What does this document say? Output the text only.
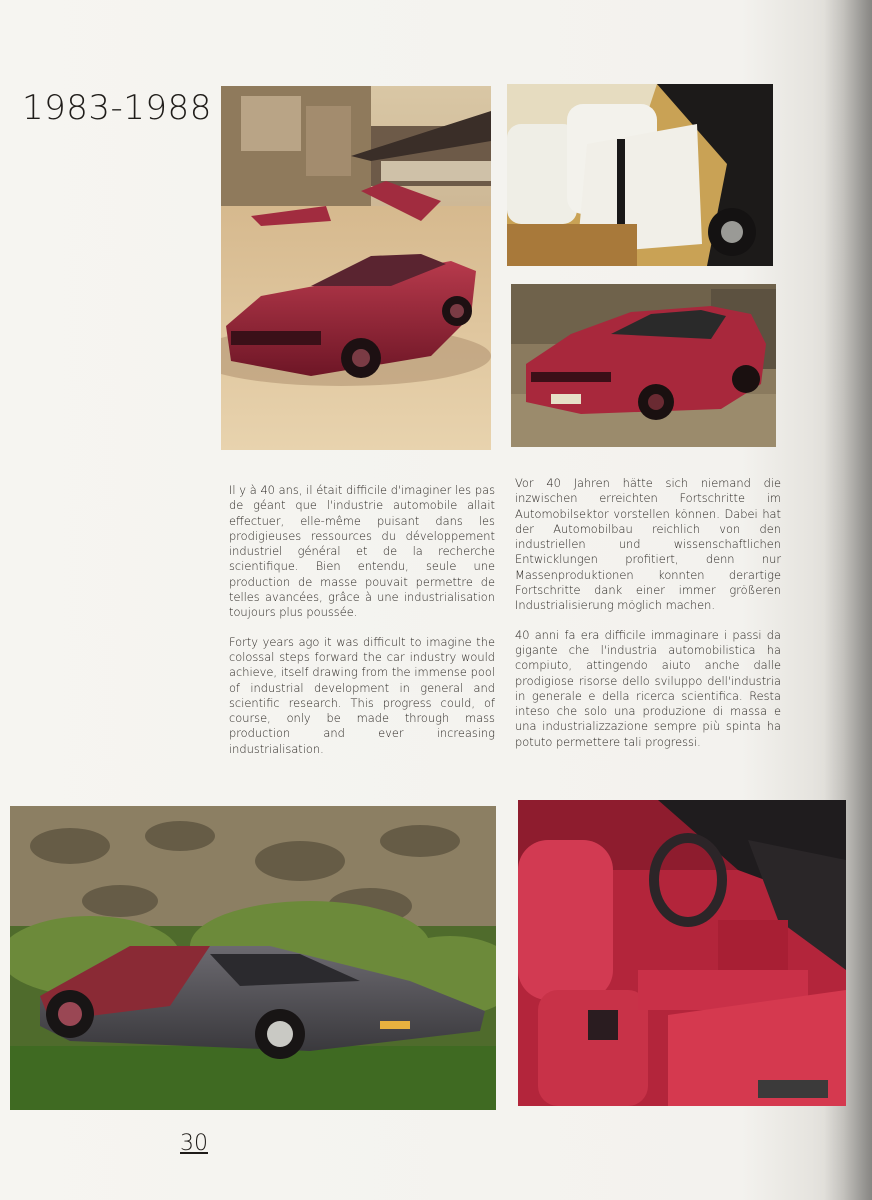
1983-1988

Il y à 40 ans, il était difficile d'imaginer les pas de géant que l'industrie automobile allait effectuer, elle-même puisant dans les prodigieuses ressources du développement industriel général et de la recherche scientifique. Bien entendu, seule une production de masse pouvait permettre de telles avancées, grâce à une industrialisation toujours plus poussée.

Forty years ago it was difficult to imagine the colossal steps forward the car industry would achieve, itself drawing from the immense pool of industrial development in general and scientific research. This progress could, of course, only be made through mass production and ever increasing industrialisation.

Vor 40 Jahren hätte sich niemand die inzwischen erreichten Fortschritte im Automobilsektor vorstellen können. Dabei hat der Automobilbau reichlich von den industriellen und wissenschaftlichen Entwicklungen profitiert, denn nur Massenproduktionen konnten derartige Fortschritte dank einer immer größeren Industrialisierung möglich machen.

40 anni fa era difficile immaginare i passi da gigante che l'industria automobilistica ha compiuto, attingendo aiuto anche dalle prodigiose risorse dello sviluppo dell'industria in generale e della ricerca scientifica. Resta inteso che solo una produzione di massa e una industrializzazione sempre più spinta ha potuto permettere tali progressi.

30
